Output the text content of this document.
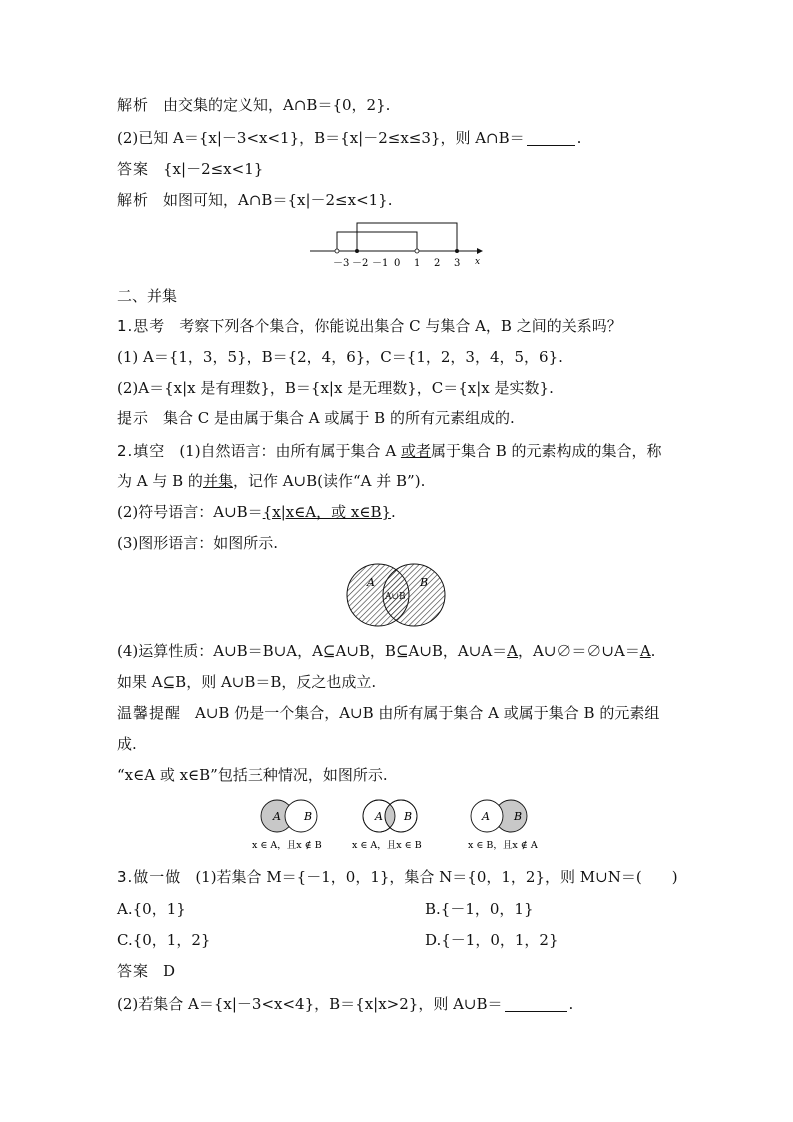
解析 由交集的定义知，A∩B＝{0，2}.
(2)已知 A＝{x|－3<x<1}，B＝{x|－2≤x≤3}，则 A∩B＝	.
答案 {x|－2≤x<1}
解析 如图可知，A∩B＝{x|－2≤x<1}.
－3 －2 －1 0 1 2 3 x
二、并集
1.思考 考察下列各个集合，你能说出集合 C 与集合 A，B 之间的关系吗？
(1) A＝{1，3，5}，B＝{2，4，6}，C＝{1，2，3，4，5，6}.
(2)A＝{x|x 是有理数}，B＝{x|x 是无理数}，C＝{x|x 是实数}.
提示 集合 C 是由属于集合 A 或属于 B 的所有元素组成的.
2.填空 (1)自然语言：由所有属于集合 A 或者属于集合 B 的元素构成的集合，称
为 A 与 B 的并集，记作 A∪B(读作“A 并 B”).
(2)符号语言：A∪B＝{x|x∈A，或 x∈B}.
(3)图形语言：如图所示.
A	B
A∪B
(4)运算性质：A∪B＝B∪A，A⊆A∪B，B⊆A∪B，A∪A＝A，A∪∅＝∅∪A＝A.
如果 A⊆B，则 A∪B＝B，反之也成立.
温馨提醒 A∪B 仍是一个集合，A∪B 由所有属于集合 A 或属于集合 B 的元素组
成.
“x∈A 或 x∈B”包括三种情况，如图所示.
A B
x ∈ A，且x ∉ B
A B
x ∈ A，且x ∈ B
A B
x ∈ B，且x ∉ A
3.做一做 (1)若集合 M＝{－1，0，1}，集合 N＝{0，1，2}，则 M∪N＝(　　)
A.{0，1}	B.{－1，0，1}
C.{0，1，2}	D.{－1，0，1，2}
答案 D
(2)若集合 A＝{x|－3<x<4}，B＝{x|x>2}，则 A∪B＝	.
